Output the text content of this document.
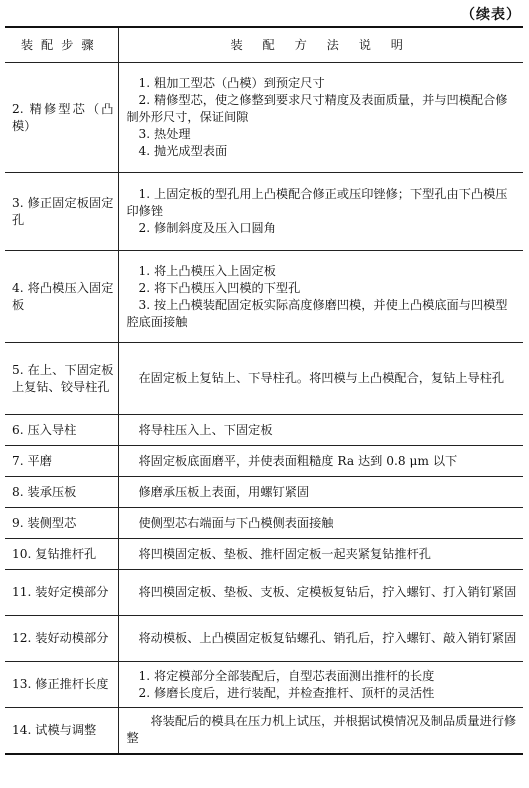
（续表）
装配步骤	装 配 方 法 说 明

2. 精修型芯（凸模）	1. 粗加工型芯（凸模）到预定尺寸
2. 精修型芯，使之修整到要求尺寸精度及表面质量，并与凹模配合修制外形尺寸，保证间隙
3. 热处理
4. 抛光成型表面

3. 修正固定板固定孔	1. 上固定板的型孔用上凸模配合修正或压印锉修；下型孔由下凸模压印修锉
2. 修制斜度及压入口圆角

4. 将凸模压入固定板	1. 将上凸模压入上固定板
2. 将下凸模压入凹模的下型孔
3. 按上凸模装配固定板实际高度修磨凹模，并使上凸模底面与凹模型腔底面接触

5. 在上、下固定板上复钻、铰导柱孔	在固定板上复钻上、下导柱孔。将凹模与上凸模配合，复钻上导柱孔

6. 压入导柱	将导柱压入上、下固定板

7. 平磨	将固定板底面磨平，并使表面粗糙度 Ra 达到 0.8 μm 以下

8. 装承压板	修磨承压板上表面，用螺钉紧固

9. 装侧型芯	使侧型芯右端面与下凸模侧表面接触

10. 复钻推杆孔	将凹模固定板、垫板、推杆固定板一起夹紧复钻推杆孔

11. 装好定模部分	将凹模固定板、垫板、支板、定模板复钻后，拧入螺钉、打入销钉紧固

12. 装好动模部分	将动模板、上凸模固定板复钻螺孔、销孔后，拧入螺钉、敲入销钉紧固

13. 修正推杆长度	1. 将定模部分全部装配后，自型芯表面测出推杆的长度
2. 修磨长度后，进行装配，并检查推杆、顶杆的灵活性

14. 试模与调整	将装配后的模具在压力机上试压，并根据试模情况及制品质量进行修整
